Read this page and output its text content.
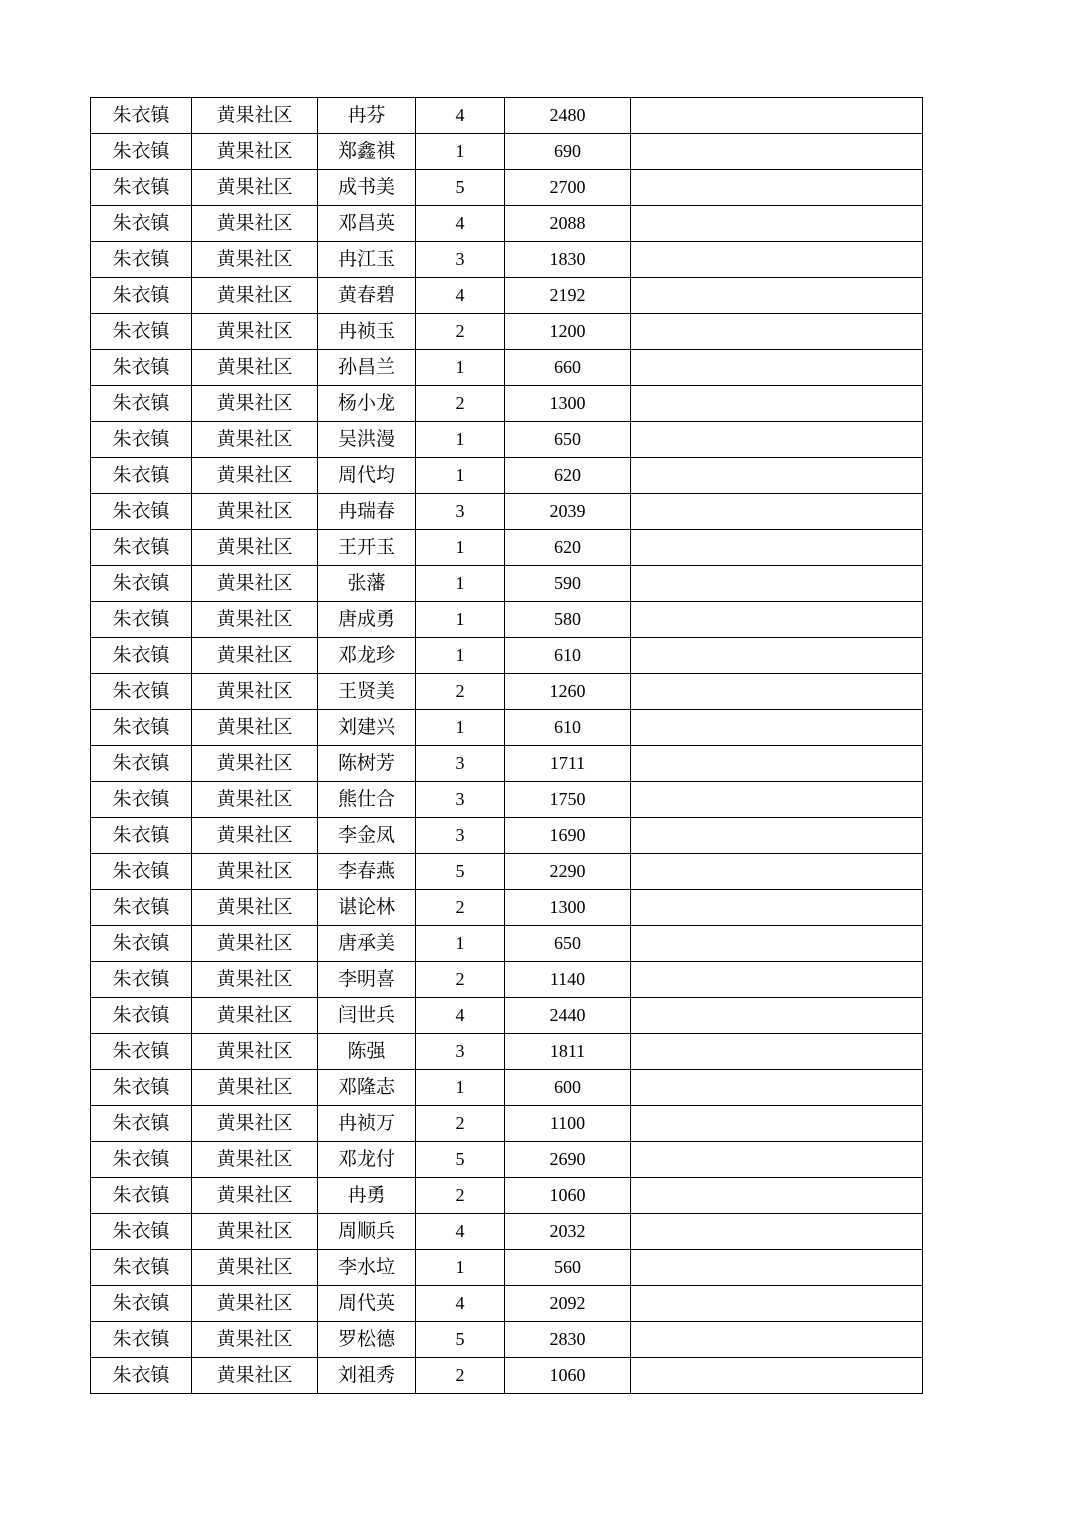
朱衣镇	黄果社区	冉芬	4	2480	
朱衣镇	黄果社区	郑鑫祺	1	690	
朱衣镇	黄果社区	成书美	5	2700	
朱衣镇	黄果社区	邓昌英	4	2088	
朱衣镇	黄果社区	冉江玉	3	1830	
朱衣镇	黄果社区	黄春碧	4	2192	
朱衣镇	黄果社区	冉祯玉	2	1200	
朱衣镇	黄果社区	孙昌兰	1	660	
朱衣镇	黄果社区	杨小龙	2	1300	
朱衣镇	黄果社区	吴洪漫	1	650	
朱衣镇	黄果社区	周代均	1	620	
朱衣镇	黄果社区	冉瑞春	3	2039	
朱衣镇	黄果社区	王开玉	1	620	
朱衣镇	黄果社区	张藩	1	590	
朱衣镇	黄果社区	唐成勇	1	580	
朱衣镇	黄果社区	邓龙珍	1	610	
朱衣镇	黄果社区	王贤美	2	1260	
朱衣镇	黄果社区	刘建兴	1	610	
朱衣镇	黄果社区	陈树芳	3	1711	
朱衣镇	黄果社区	熊仕合	3	1750	
朱衣镇	黄果社区	李金凤	3	1690	
朱衣镇	黄果社区	李春燕	5	2290	
朱衣镇	黄果社区	谌论林	2	1300	
朱衣镇	黄果社区	唐承美	1	650	
朱衣镇	黄果社区	李明喜	2	1140	
朱衣镇	黄果社区	闫世兵	4	2440	
朱衣镇	黄果社区	陈强	3	1811	
朱衣镇	黄果社区	邓隆志	1	600	
朱衣镇	黄果社区	冉祯万	2	1100	
朱衣镇	黄果社区	邓龙付	5	2690	
朱衣镇	黄果社区	冉勇	2	1060	
朱衣镇	黄果社区	周顺兵	4	2032	
朱衣镇	黄果社区	李水垃	1	560	
朱衣镇	黄果社区	周代英	4	2092	
朱衣镇	黄果社区	罗松德	5	2830	
朱衣镇	黄果社区	刘祖秀	2	1060	
